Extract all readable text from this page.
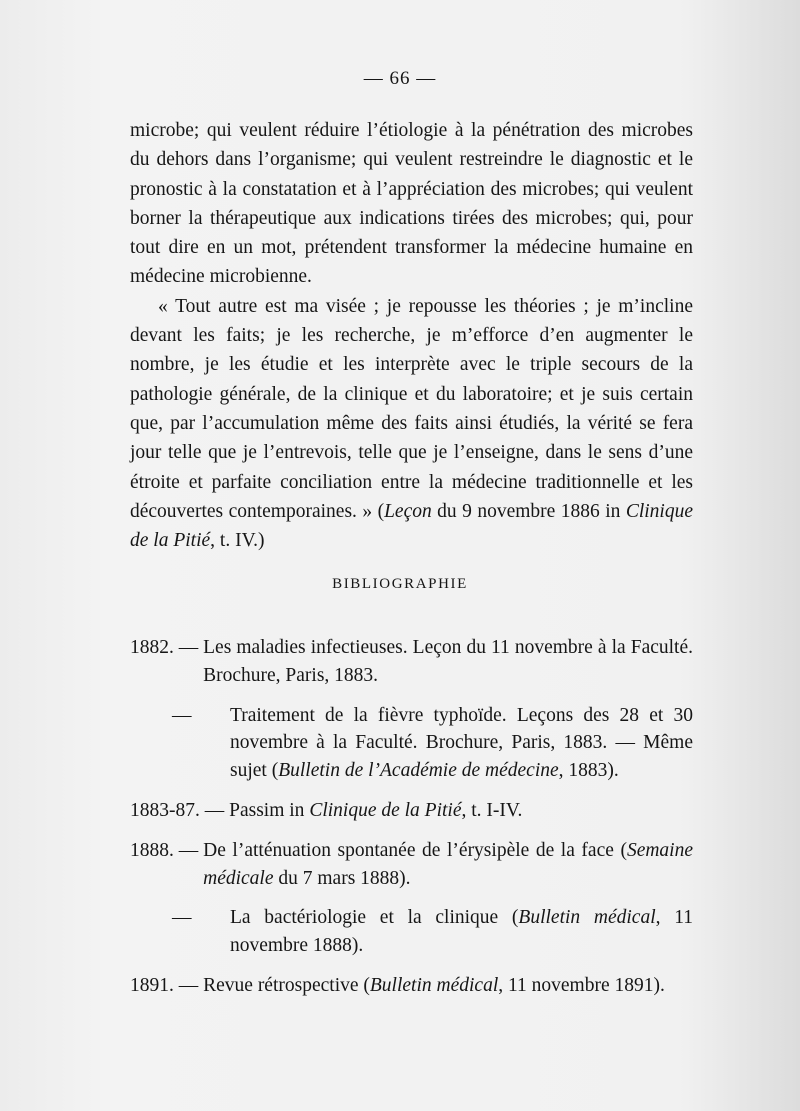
— 66 —

microbe; qui veulent réduire l’étiologie à la pénétration des microbes du dehors dans l’organisme; qui veulent restreindre le diagnostic et le pronostic à la constatation et à l’appréciation des microbes; qui veulent borner la thérapeutique aux indications tirées des microbes; qui, pour tout dire en un mot, prétendent transformer la médecine humaine en médecine microbienne.

« Tout autre est ma visée ; je repousse les théories ; je m’incline devant les faits; je les recherche, je m’efforce d’en augmenter le nombre, je les étudie et les interprète avec le triple secours de la pathologie générale, de la clinique et du laboratoire; et je suis certain que, par l’accumulation même des faits ainsi étudiés, la vérité se fera jour telle que je l’entrevois, telle que je l’enseigne, dans le sens d’une étroite et parfaite conciliation entre la médecine traditionnelle et les découvertes contemporaines. » (Leçon du 9 novembre 1886 in Clinique de la Pitié, t. IV.)

BIBLIOGRAPHIE
1882. — Les maladies infectieuses. Leçon du 11 novembre à la Faculté. Brochure, Paris, 1883.
—	Traitement de la fièvre typhoïde. Leçons des 28 et 30 novembre à la Faculté. Brochure, Paris, 1883. — Même sujet (Bulletin de l’Académie de médecine, 1883).
1883-87. — Passim in Clinique de la Pitié, t. I-IV.
1888. — De l’atténuation spontanée de l’érysipèle de la face (Semaine médicale du 7 mars 1888).
—	La bactériologie et la clinique (Bulletin médical, 11 novembre 1888).
1891. — Revue rétrospective (Bulletin médical, 11 novembre 1891).
